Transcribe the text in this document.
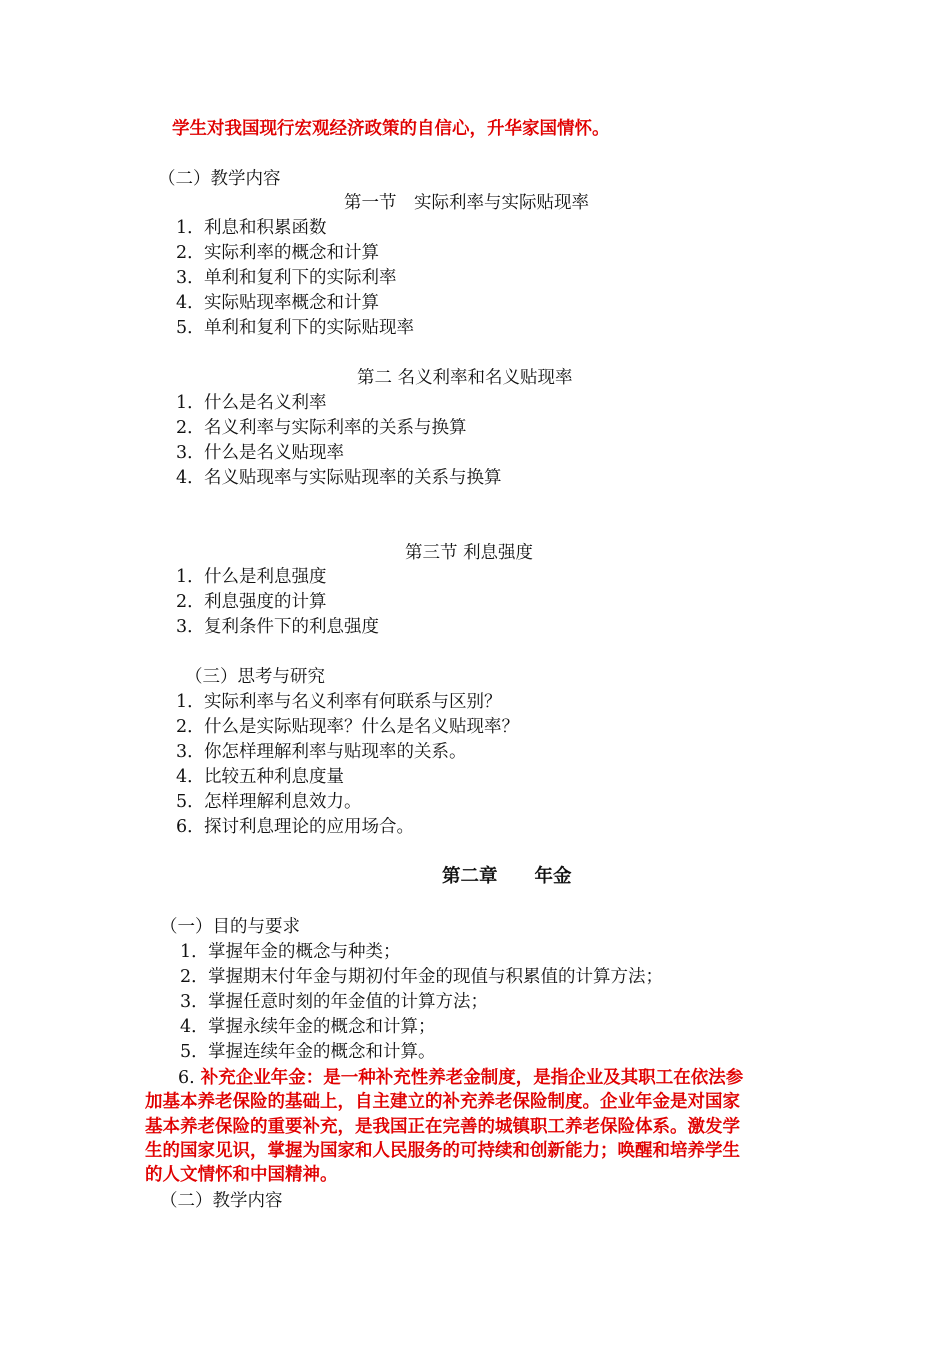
学生对我国现行宏观经济政策的自信心，升华家国情怀。
（二）教学内容
第一节　实际利率与实际贴现率
1．利息和积累函数
2．实际利率的概念和计算
3．单利和复利下的实际利率
4．实际贴现率概念和计算
5．单利和复利下的实际贴现率
第二 名义利率和名义贴现率
1．什么是名义利率
2．名义利率与实际利率的关系与换算
3．什么是名义贴现率
4．名义贴现率与实际贴现率的关系与换算
第三节 利息强度
1．什么是利息强度
2．利息强度的计算
3．复利条件下的利息强度
（三）思考与研究
1．实际利率与名义利率有何联系与区别？
2．什么是实际贴现率？什么是名义贴现率？
3．你怎样理解利率与贴现率的关系。
4．比较五种利息度量
5．怎样理解利息效力。
6．探讨利息理论的应用场合。
第二章　　年金
（一）目的与要求
1．掌握年金的概念与种类；
2．掌握期末付年金与期初付年金的现值与积累值的计算方法；
3．掌握任意时刻的年金值的计算方法；
4．掌握永续年金的概念和计算；
5．掌握连续年金的概念和计算。
6. 补充企业年金：是一种补充性养老金制度，是指企业及其职工在依法参
加基本养老保险的基础上，自主建立的补充养老保险制度。企业年金是对国家
基本养老保险的重要补充，是我国正在完善的城镇职工养老保险体系。激发学
生的国家见识，掌握为国家和人民服务的可持续和创新能力；唤醒和培养学生
的人文情怀和中国精神。
（二）教学内容
